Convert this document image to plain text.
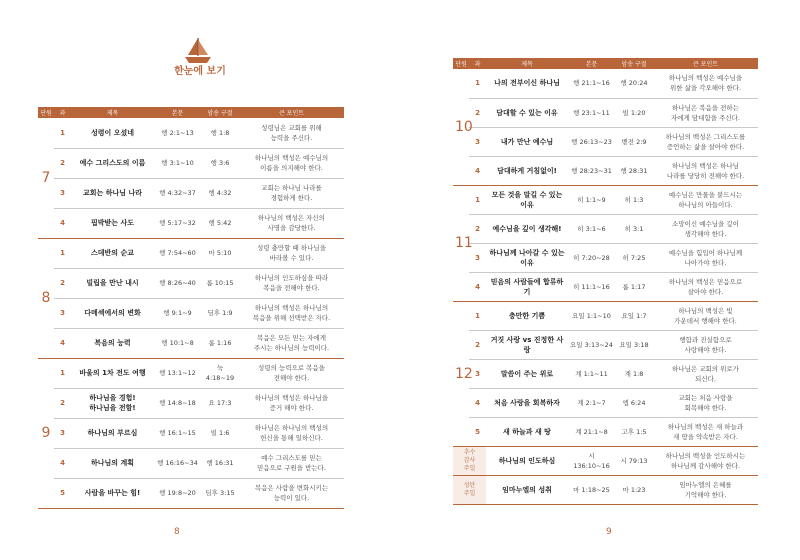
한눈에 보기
단원	과	제목	본문	암송 구절	큰 포인트
7	1	성령이 오셨네	행 2:1~13	행 1:8	성령님은 교회를 위해
능력을 주신다.
	2	예수 그리스도의 이름	행 3:1~10	행 3:6	하나님의 백성은 예수님의
이름을 의지해야 한다.
	3	교회는 하나님 나라	행 4:32~37	행 4:32	교회는 하나님 나라를
경험하게 한다.
	4	핍박받는 사도	행 5:17~32	행 5:42	하나님의 백성은 자신의
사명을 감당한다.
8	1	스데반의 순교	행 7:54~60	마 5:10	성령 충만할 때 하나님을
바라볼 수 있다.
	2	빌립을 만난 내시	행 8:26~40	롬 10:15	하나님의 인도하심을 따라
복음을 전해야 한다.
	3	다메섹에서의 변화	행 9:1~9	딤후 1:9	하나님의 백성은 하나님의
복음을 위해 선택받은 자다.
	4	복음의 능력	행 10:1~8	롬 1:16	복음은 모든 믿는 자에게
주시는 하나님의 능력이다.
9	1	바울의 1차 전도 여행	행 13:1~12	눅 4:18~19	성령의 능력으로 복음을
전해야 한다.
	2	하나님을 경험!
하나님을 전함!	행 14:8~18	요 17:3	하나님의 백성은 하나님을
증거 해야 한다.
	3	하나님의 부르심	행 16:1~15	빌 1:6	하나님은 하나님의 백성의
헌신을 통해 일하신다.
	4	하나님의 계획	행 16:16~34	행 16:31	예수 그리스도를 믿는
믿음으로 구원을 받는다.
	5	사람을 바꾸는 힘!	행 19:8~20	딤후 3:15	복음은 사람을 변화시키는
능력이 있다.
8
단원	과	제목	본문	암송 구절	큰 포인트
10	1	나의 전부이신 하나님	행 21:1~16	행 20:24	하나님의 백성은 예수님을
위한 삶을 각오해야 한다.
	2	담대할 수 있는 이유	행 23:1~11	빌 1:20	하나님은 복음을 전하는
자에게 담대함을 주신다.
	3	내가 만난 예수님	행 26:13~23	벧전 2:9	하나님의 백성은 그리스도를
증언하는 삶을 살아야 한다.
	4	담대하게 거침없이!	행 28:23~31	행 28:31	하나님의 백성은 하나님
나라를 당당히 전해야 한다.
11	1	모든 것을 말길 수 있는
이유	히 1:1~9	히 1:3	예수님은 만물을 붙드시는
하나님의 아들이다.
	2	예수님을 깊이 생각해!	히 3:1~6	히 3:1	소망이신 예수님을 깊이
생각해야 한다.
	3	하나님께 나아갈 수 있는
이유	히 7:20~28	히 7:25	예수님을 힘입어 하나님께
나아가야 한다.
	4	믿음의 사람들에 합류하기	히 11:1~16	롬 1:17	하나님의 백성은 믿음으로
살아야 한다.
12	1	충만한 기쁨	요일 1:1~10	요일 1:7	하나님의 백성은 빛
가운데서 행해야 한다.
	2	거짓 사랑 vs 진정한 사랑	요일 3:13~24	요일 3:18	행함과 진실함으로
사랑해야 한다.
	3	말씀이 주는 위로	계 1:1~11	계 1:8	하나님은 교회의 위로가
되신다.
	4	처음 사랑을 회복하자	계 2:1~7	엡 6:24	교회는 처음 사랑을
회복해야 한다.
	5	새 하늘과 새 땅	계 21:1~8	고후 1:5	하나님의 백성은 새 하늘과
새 땅을 약속받은 자다.
추수
감사
주일		하나님의 인도하심	시 136:10~16	시 79:13	하나님의 백성을 인도하시는
하나님께 감사해야 한다.
성탄
주일		임마누엘의 성취	마 1:18~25	마 1:23	임마누엘의 은혜를
기억해야 한다.
9
